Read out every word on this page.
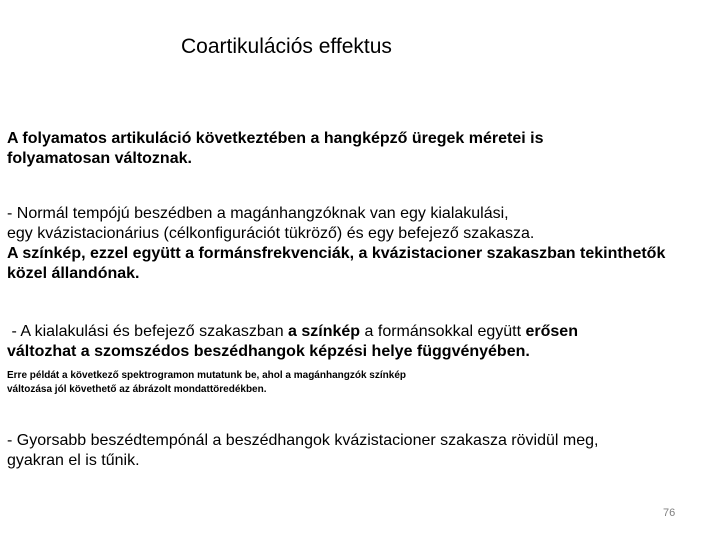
Coartikulációs effektus
A folyamatos artikuláció következtében a hangképző üregek méretei is
folyamatosan változnak.
- Normál tempójú beszédben a magánhangzóknak van egy kialakulási,
egy kvázistacionárius (célkonfigurációt tükröző) és egy befejező szakasza.
A színkép, ezzel együtt a formánsfrekvenciák, a kvázistacioner szakaszban tekinthetők
közel állandónak.
- A kialakulási és befejező szakaszban a színkép a formánsokkal együtt erősen
változhat a szomszédos beszédhangok képzési helye függvényében.
Erre példát a következő spektrogramon mutatunk be, ahol a magánhangzók színkép
változása jól követhető az ábrázolt mondattöredékben.
- Gyorsabb beszédtempónál a beszédhangok kvázistacioner szakasza rövidül meg,
gyakran el is tűnik.
76
